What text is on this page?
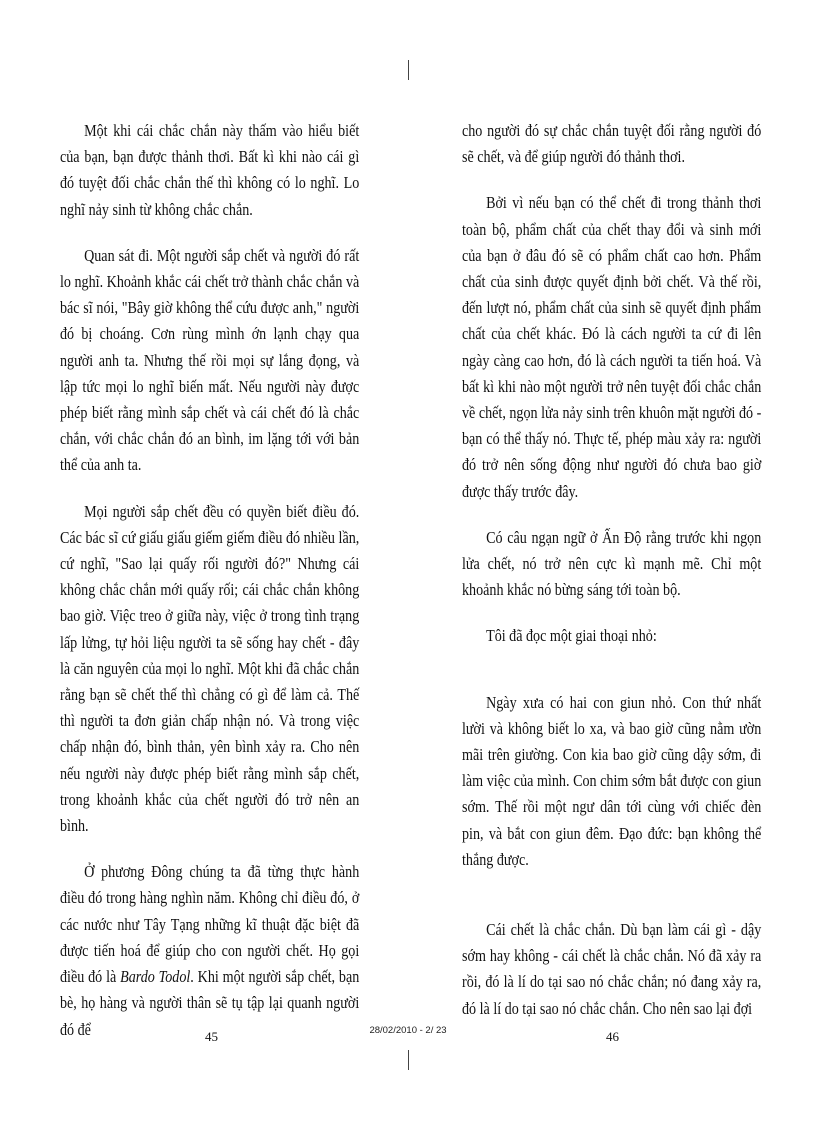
Một khi cái chắc chắn này thấm vào hiểu biết của bạn, bạn được thảnh thơi. Bất kì khi nào cái gì đó tuyệt đối chắc chắn thế thì không có lo nghĩ. Lo nghĩ nảy sinh từ không chắc chắn.

Quan sát đi. Một người sắp chết và người đó rất lo nghĩ. Khoảnh khắc cái chết trở thành chắc chắn và bác sĩ nói, "Bây giờ không thể cứu được anh," người đó bị choáng. Cơn rùng mình ớn lạnh chạy qua người anh ta. Nhưng thế rồi mọi sự lắng đọng, và lập tức mọi lo nghĩ biến mất. Nếu người này được phép biết rằng mình sắp chết và cái chết đó là chắc chắn, với chắc chắn đó an bình, im lặng tới với bản thể của anh ta.

Mọi người sắp chết đều có quyền biết điều đó. Các bác sĩ cứ giấu giấu giếm giếm điều đó nhiều lần, cứ nghĩ, "Sao lại quấy rối người đó?" Nhưng cái không chắc chắn mới quấy rối; cái chắc chắn không bao giờ. Việc treo ở giữa này, việc ở trong tình trạng lấp lửng, tự hỏi liệu người ta sẽ sống hay chết - đây là căn nguyên của mọi lo nghĩ. Một khi đã chắc chắn rằng bạn sẽ chết thế thì chẳng có gì để làm cả. Thế thì người ta đơn giản chấp nhận nó. Và trong việc chấp nhận đó, bình thản, yên bình xảy ra. Cho nên nếu người này được phép biết rằng mình sắp chết, trong khoảnh khắc của chết người đó trở nên an bình.

Ở phương Đông chúng ta đã từng thực hành điều đó trong hàng nghìn năm. Không chỉ điều đó, ở các nước như Tây Tạng những kĩ thuật đặc biệt đã được tiến hoá để giúp cho con người chết. Họ gọi điều đó là Bardo Todol. Khi một người sắp chết, bạn bè, họ hàng và người thân sẽ tụ tập lại quanh người đó để

cho người đó sự chắc chắn tuyệt đối rằng người đó sẽ chết, và để giúp người đó thảnh thơi.

Bởi vì nếu bạn có thể chết đi trong thảnh thơi toàn bộ, phẩm chất của chết thay đổi và sinh mới của bạn ở đâu đó sẽ có phẩm chất cao hơn. Phẩm chất của sinh được quyết định bởi chết. Và thế rồi, đến lượt nó, phẩm chất của sinh sẽ quyết định phẩm chất của chết khác. Đó là cách người ta cứ đi lên ngày càng cao hơn, đó là cách người ta tiến hoá. Và bất kì khi nào một người trở nên tuyệt đối chắc chắn về chết, ngọn lửa nảy sinh trên khuôn mặt người đó - bạn có thể thấy nó. Thực tế, phép màu xảy ra: người đó trở nên sống động như người đó chưa bao giờ được thấy trước đây.

Có câu ngạn ngữ ở Ấn Độ rằng trước khi ngọn lửa chết, nó trở nên cực kì mạnh mẽ. Chỉ một khoảnh khắc nó bừng sáng tới toàn bộ.

Tôi đã đọc một giai thoại nhỏ:

Ngày xưa có hai con giun nhỏ. Con thứ nhất lười và không biết lo xa, và bao giờ cũng nằm ườn mãi trên giường. Con kia bao giờ cũng dậy sớm, đi làm việc của mình. Con chim sớm bắt được con giun sớm. Thế rồi một ngư dân tới cùng với chiếc đèn pin, và bắt con giun đêm. Đạo đức: bạn không thể thắng được.

Cái chết là chắc chắn. Dù bạn làm cái gì - dậy sớm hay không - cái chết là chắc chắn. Nó đã xảy ra rồi, đó là lí do tại sao nó chắc chắn; nó đang xảy ra, đó là lí do tại sao nó chắc chắn. Cho nên sao lại đợi

45	28/02/2010 - 2/ 23	46
